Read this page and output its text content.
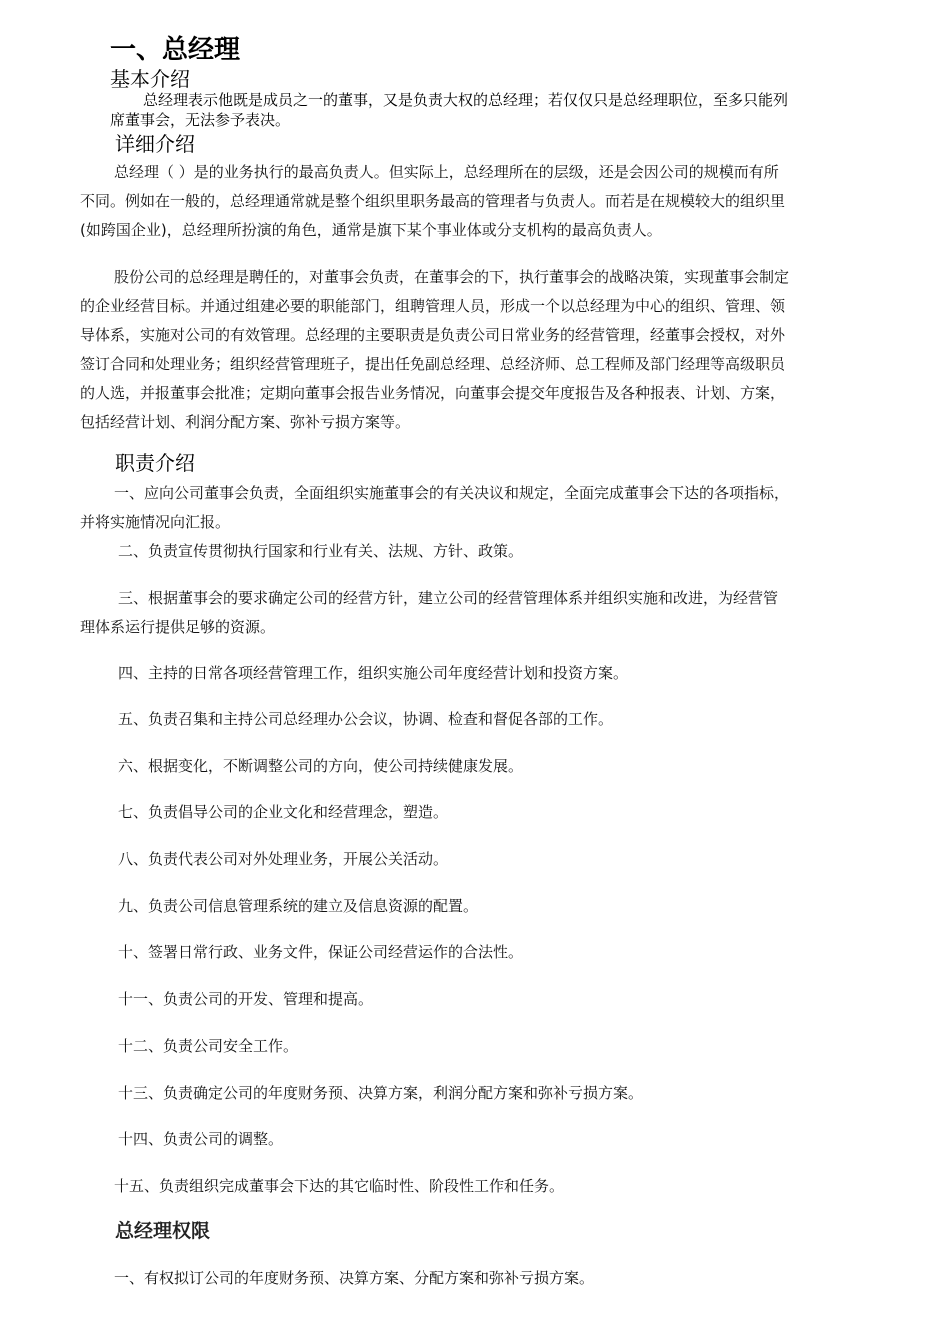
一、总经理
基本介绍
总经理表示他既是成员之一的董事，又是负责大权的总经理；若仅仅只是总经理职位，至多只能列
席董事会，无法参予表决。
详细介绍
总经理（ ）是的业务执行的最高负责人。但实际上，总经理所在的层级，还是会因公司的规模而有所
不同。例如在一般的，总经理通常就是整个组织里职务最高的管理者与负责人。而若是在规模较大的组织里
(如跨国企业)，总经理所扮演的角色，通常是旗下某个事业体或分支机构的最高负责人。
股份公司的总经理是聘任的，对董事会负责，在董事会的下，执行董事会的战略决策，实现董事会制定
的企业经营目标。并通过组建必要的职能部门，组聘管理人员，形成一个以总经理为中心的组织、管理、领
导体系，实施对公司的有效管理。总经理的主要职责是负责公司日常业务的经营管理，经董事会授权，对外
签订合同和处理业务；组织经营管理班子，提出任免副总经理、总经济师、总工程师及部门经理等高级职员
的人选，并报董事会批准；定期向董事会报告业务情况，向董事会提交年度报告及各种报表、计划、方案，
包括经营计划、利润分配方案、弥补亏损方案等。
职责介绍
一、应向公司董事会负责，全面组织实施董事会的有关决议和规定，全面完成董事会下达的各项指标，
并将实施情况向汇报。
二、负责宣传贯彻执行国家和行业有关、法规、方针、政策。
三、根据董事会的要求确定公司的经营方针，建立公司的经营管理体系并组织实施和改进，为经营管
理体系运行提供足够的资源。
四、主持的日常各项经营管理工作，组织实施公司年度经营计划和投资方案。
五、负责召集和主持公司总经理办公会议，协调、检查和督促各部的工作。
六、根据变化，不断调整公司的方向，使公司持续健康发展。
七、负责倡导公司的企业文化和经营理念，塑造。
八、负责代表公司对外处理业务，开展公关活动。
九、负责公司信息管理系统的建立及信息资源的配置。
十、签署日常行政、业务文件，保证公司经营运作的合法性。
十一、负责公司的开发、管理和提高。
十二、负责公司安全工作。
十三、负责确定公司的年度财务预、决算方案，利润分配方案和弥补亏损方案。
十四、负责公司的调整。
十五、负责组织完成董事会下达的其它临时性、阶段性工作和任务。
总经理权限
一、有权拟订公司的年度财务预、决算方案、分配方案和弥补亏损方案。
